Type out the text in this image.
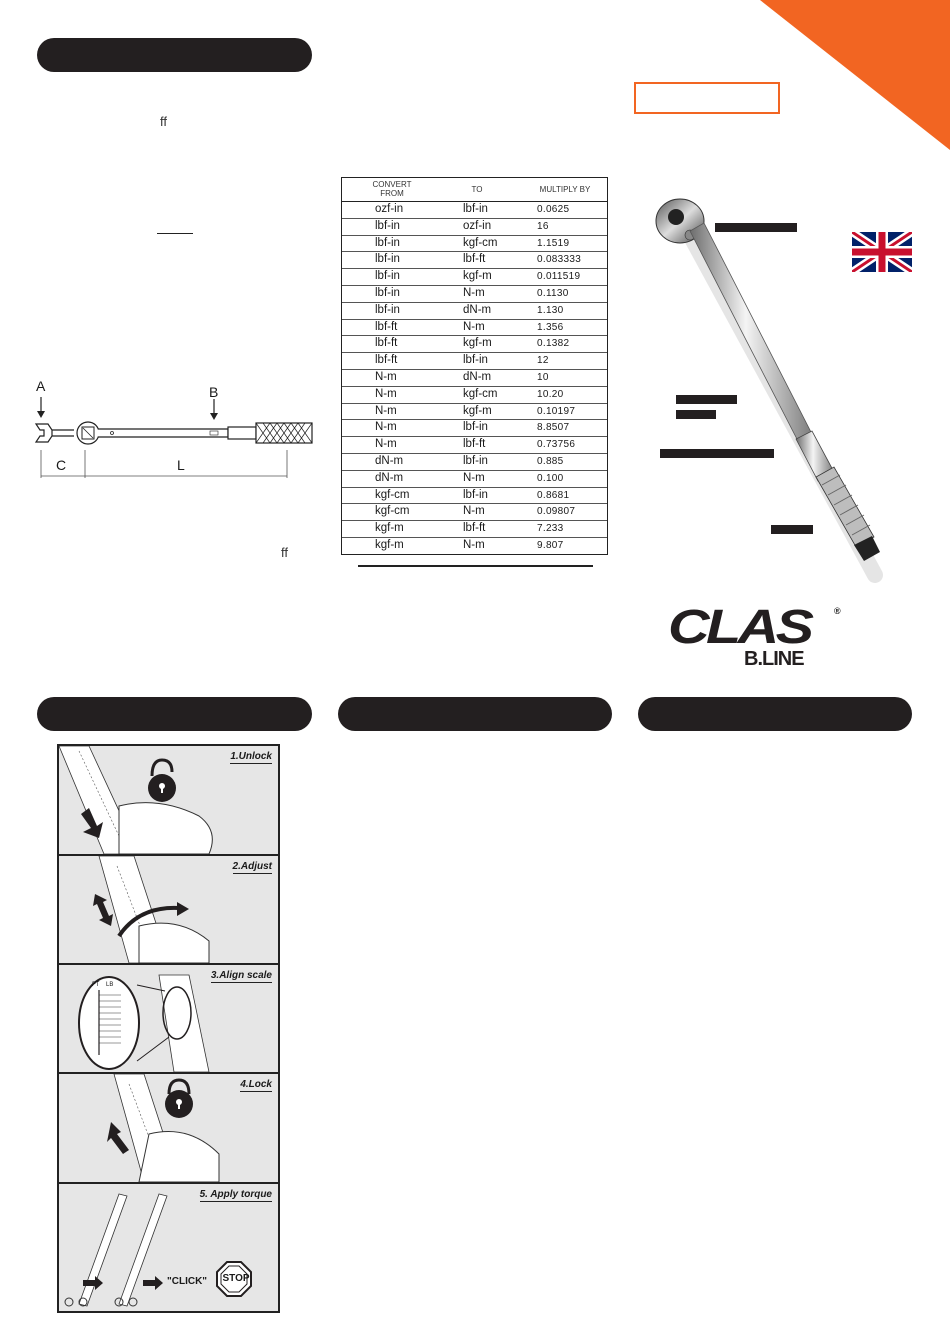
ff
ff
A	B
C	L
CONVERT FROM	TO	MULTIPLY BY
ozf-in	lbf-in	0.0625
lbf-in	ozf-in	16
lbf-in	kgf-cm	1.1519
lbf-in	lbf-ft	0.083333
lbf-in	kgf-m	0.011519
lbf-in	N-m	0.1130
lbf-in	dN-m	1.130
lbf-ft	N-m	1.356
lbf-ft	kgf-m	0.1382
lbf-ft	lbf-in	12
N-m	dN-m	10
N-m	kgf-cm	10.20
N-m	kgf-m	0.10197
N-m	lbf-in	8.8507
N-m	lbf-ft	0.73756
dN-m	lbf-in	0.885
dN-m	N-m	0.100
kgf-cm	lbf-in	0.8681
kgf-cm	N-m	0.09807
kgf-m	lbf-ft	7.233
kgf-m	N-m	9.807
CLAS	®
B.LINE
1.Unlock
2.Adjust
FT LB
3.Align scale
4.Lock
"CLICK" STOP
5. Apply torque
